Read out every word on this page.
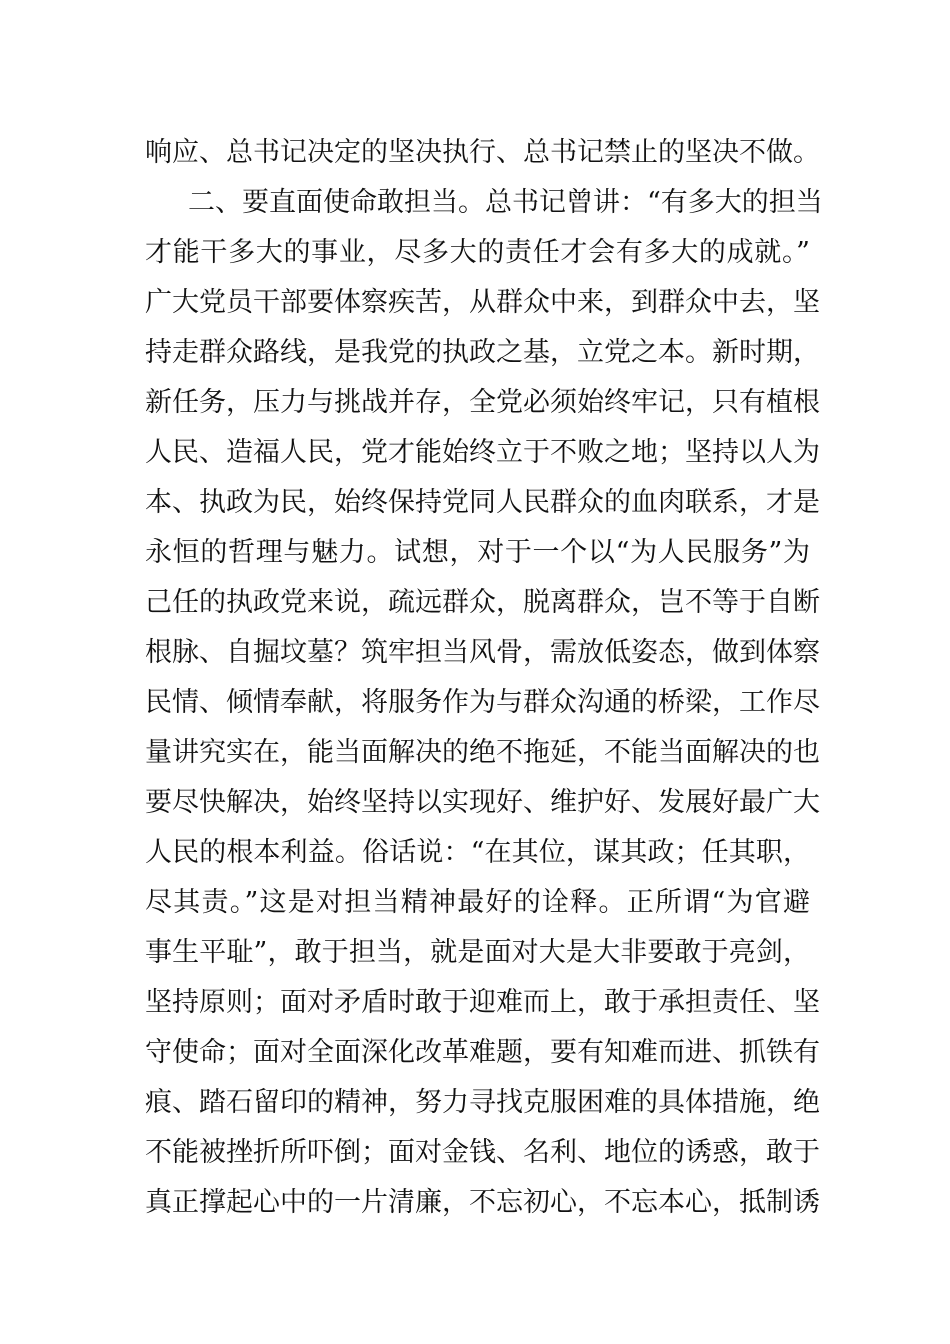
响应、总书记决定的坚决执行、总书记禁止的坚决不做。
二、要直面使命敢担当。总书记曾讲：“有多大的担当
才能干多大的事业，尽多大的责任才会有多大的成就。”
广大党员干部要体察疾苦，从群众中来，到群众中去，坚
持走群众路线，是我党的执政之基，立党之本。新时期，
新任务，压力与挑战并存，全党必须始终牢记，只有植根
人民、造福人民，党才能始终立于不败之地；坚持以人为
本、执政为民，始终保持党同人民群众的血肉联系，才是
永恒的哲理与魅力。试想，对于一个以“为人民服务”为
己任的执政党来说，疏远群众，脱离群众，岂不等于自断
根脉、自掘坟墓？筑牢担当风骨，需放低姿态，做到体察
民情、倾情奉献，将服务作为与群众沟通的桥梁，工作尽
量讲究实在，能当面解决的绝不拖延，不能当面解决的也
要尽快解决，始终坚持以实现好、维护好、发展好最广大
人民的根本利益。俗话说：“在其位，谋其政；任其职，
尽其责。”这是对担当精神最好的诠释。正所谓“为官避
事生平耻”，敢于担当，就是面对大是大非要敢于亮剑，
坚持原则；面对矛盾时敢于迎难而上，敢于承担责任、坚
守使命；面对全面深化改革难题，要有知难而进、抓铁有
痕、踏石留印的精神，努力寻找克服困难的具体措施，绝
不能被挫折所吓倒；面对金钱、名利、地位的诱惑，敢于
真正撑起心中的一片清廉，不忘初心，不忘本心，抵制诱
